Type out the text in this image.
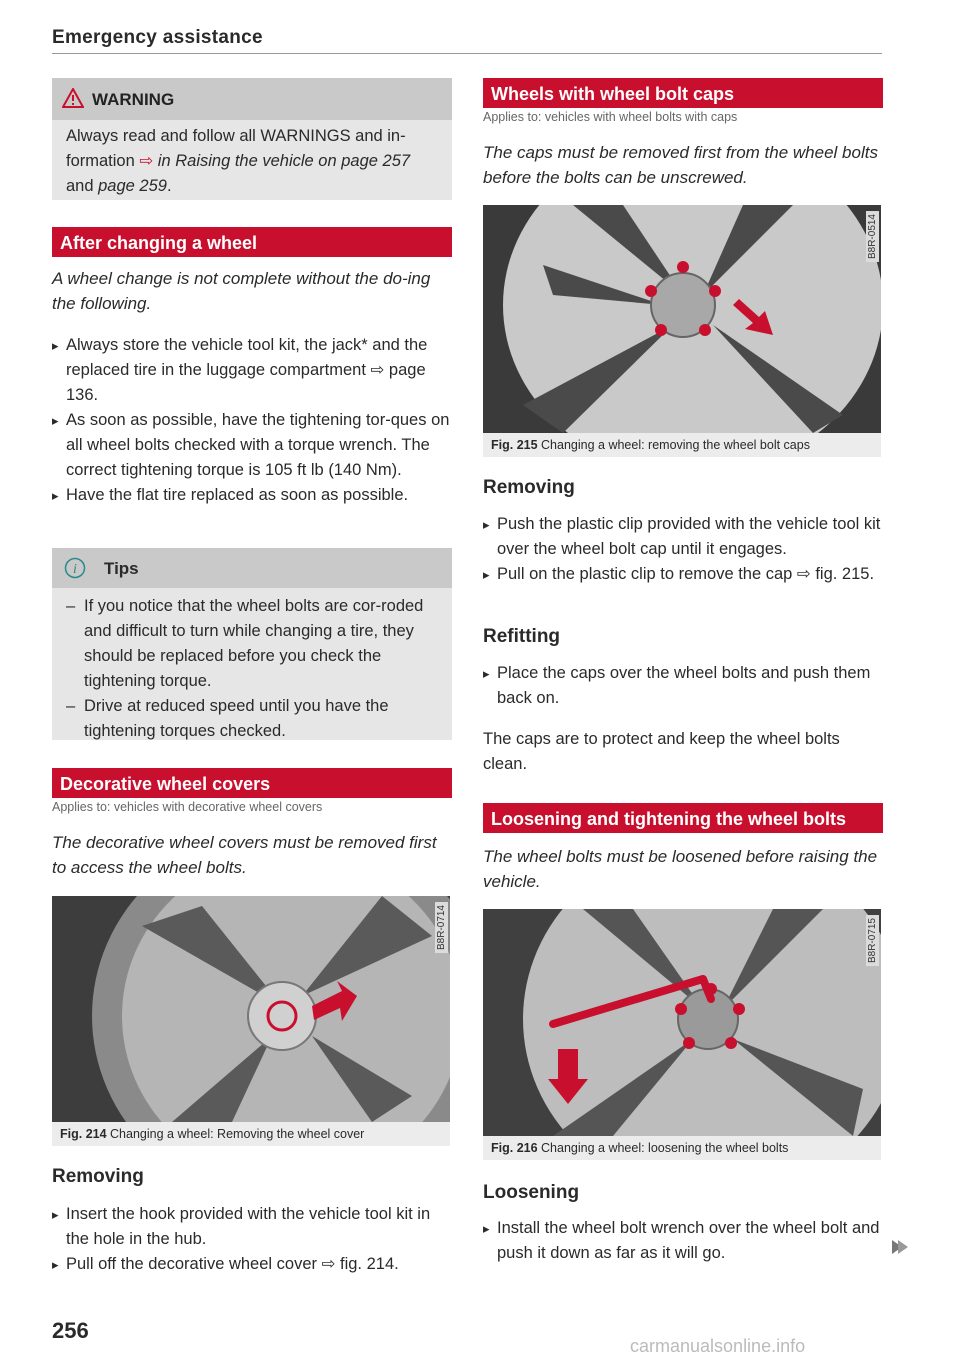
Emergency assistance
WARNING
Always read and follow all WARNINGS and in-formation ⇨ in Raising the vehicle on page 257 and page 259.
After changing a wheel
A wheel change is not complete without the do-ing the following.
▸ Always store the vehicle tool kit, the jack* and the replaced tire in the luggage compartment ⇨ page 136.
▸ As soon as possible, have the tightening tor-ques on all wheel bolts checked with a torque wrench. The correct tightening torque is 105 ft lb (140 Nm).
▸ Have the flat tire replaced as soon as possible.
i Tips
– If you notice that the wheel bolts are cor-roded and difficult to turn while changing a tire, they should be replaced before you check the tightening torque.
– Drive at reduced speed until you have the tightening torques checked.
Decorative wheel covers
Applies to: vehicles with decorative wheel covers
The decorative wheel covers must be removed first to access the wheel bolts.
B8R-0714
Fig. 214 Changing a wheel: Removing the wheel cover
Removing
▸ Insert the hook provided with the vehicle tool kit in the hole in the hub.
▸ Pull off the decorative wheel cover ⇨ fig. 214.
256
Wheels with wheel bolt caps
Applies to: vehicles with wheel bolts with caps
The caps must be removed first from the wheel bolts before the bolts can be unscrewed.
B8R-0514
Fig. 215 Changing a wheel: removing the wheel bolt caps
Removing
▸ Push the plastic clip provided with the vehicle tool kit over the wheel bolt cap until it engages.
▸ Pull on the plastic clip to remove the cap ⇨ fig. 215.
Refitting
▸ Place the caps over the wheel bolts and push them back on.
The caps are to protect and keep the wheel bolts clean.
Loosening and tightening the wheel bolts
The wheel bolts must be loosened before raising the vehicle.
B8R-0715
Fig. 216 Changing a wheel: loosening the wheel bolts
Loosening
▸ Install the wheel bolt wrench over the wheel bolt and push it down as far as it will go.
carmanualsonline.info
